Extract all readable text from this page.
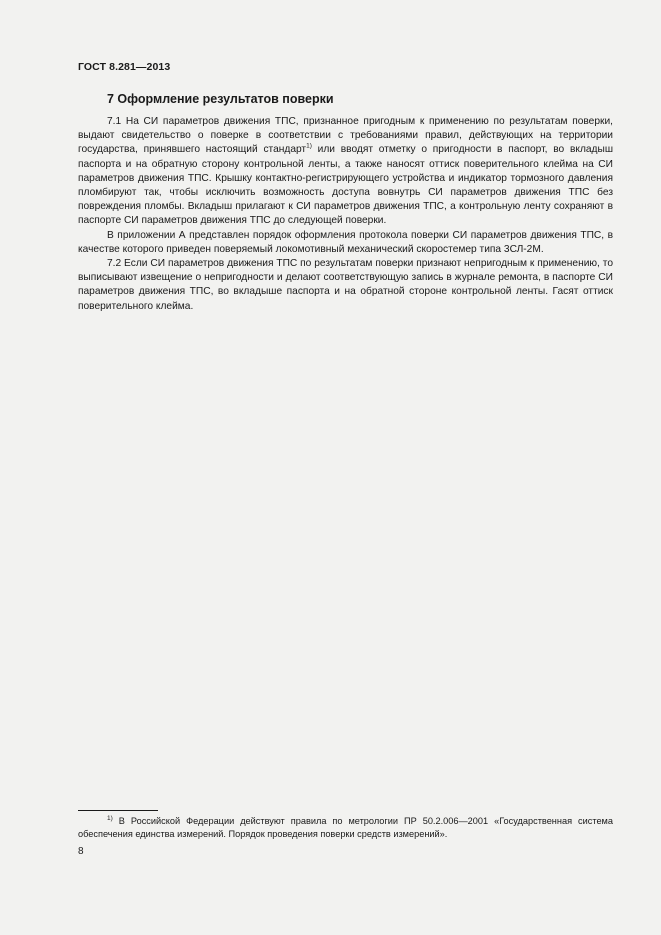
ГОСТ 8.281—2013
7 Оформление результатов поверки

7.1 На СИ параметров движения ТПС, признанное пригодным к применению по результатам поверки, выдают свидетельство о поверке в соответствии с требованиями правил, действующих на территории государства, принявшего настоящий стандарт$^{1)}$ или вводят отметку о пригодности в паспорт, во вкладыш паспорта и на обратную сторону контрольной ленты, а также наносят оттиск поверительного клейма на СИ параметров движения ТПС. Крышку контактно-регистрирующего устройства и индикатор тормозного давления пломбируют так, чтобы исключить возможность доступа вовнутрь СИ параметров движения ТПС без повреждения пломбы. Вкладыш прилагают к СИ параметров движения ТПС, а контрольную ленту сохраняют в паспорте СИ параметров движения ТПС до следующей поверки.

В приложении А представлен порядок оформления протокола поверки СИ параметров движения ТПС, в качестве которого приведен поверяемый локомотивный механический скоростемер типа 3СЛ-2М.

7.2 Если СИ параметров движения ТПС по результатам поверки признают непригодным к применению, то выписывают извещение о непригодности и делают соответствующую запись в журнале ремонта, в паспорте СИ параметров движения ТПС, во вкладыше паспорта и на обратной стороне контрольной ленты. Гасят оттиск поверительного клейма.

$^{1)}$ В Российской Федерации действуют правила по метрологии ПР 50.2.006—2001 «Государственная система обеспечения единства измерений. Порядок проведения поверки средств измерений».
8
